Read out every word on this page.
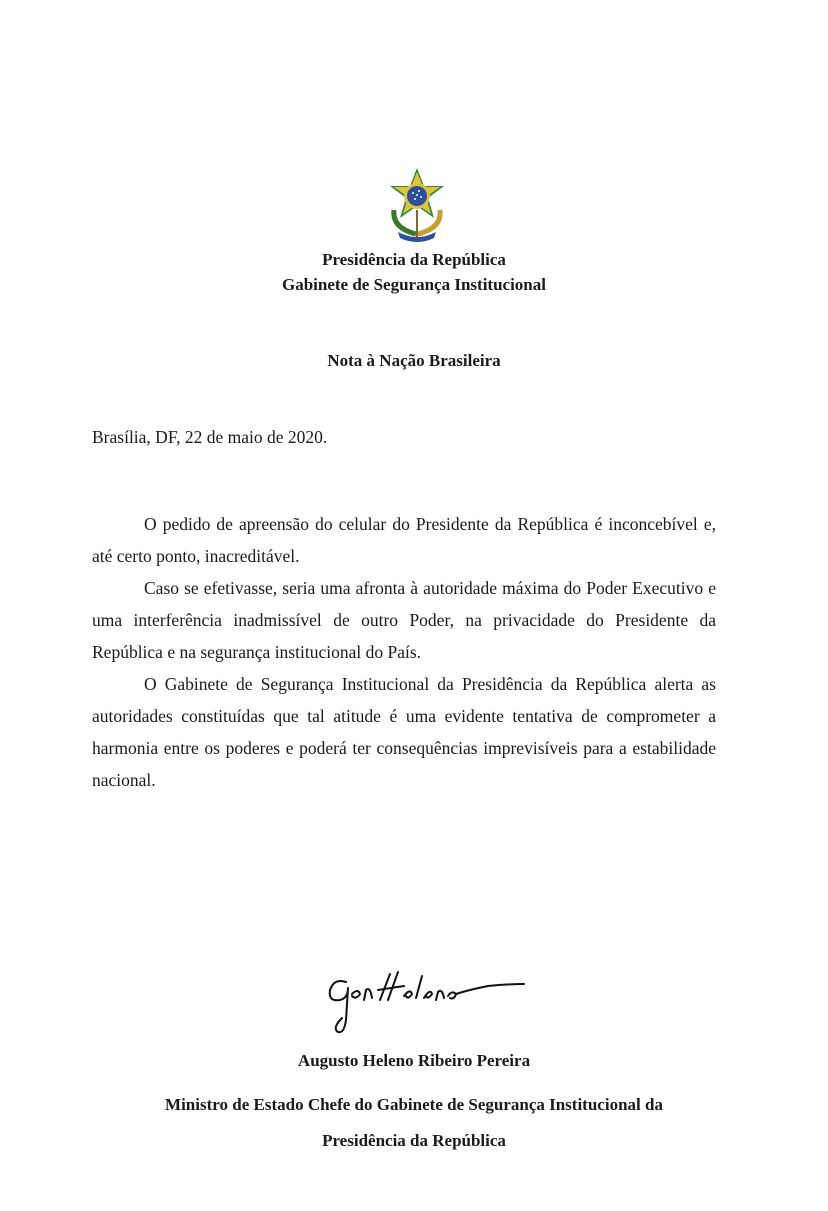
Presidência da República
Gabinete de Segurança Institucional
Nota à Nação Brasileira
Brasília, DF, 22 de maio de 2020.

O pedido de apreensão do celular do Presidente da República é inconcebível e, até certo ponto, inacreditável.

Caso se efetivasse, seria uma afronta à autoridade máxima do Poder Executivo e uma interferência inadmissível de outro Poder, na privacidade do Presidente da República e na segurança institucional do País.

O Gabinete de Segurança Institucional da Presidência da República alerta as autoridades constituídas que tal atitude é uma evidente tentativa de comprometer a harmonia entre os poderes e poderá ter consequências imprevisíveis para a estabilidade nacional.

Augusto Heleno Ribeiro Pereira
Ministro de Estado Chefe do Gabinete de Segurança Institucional da
Presidência da República
